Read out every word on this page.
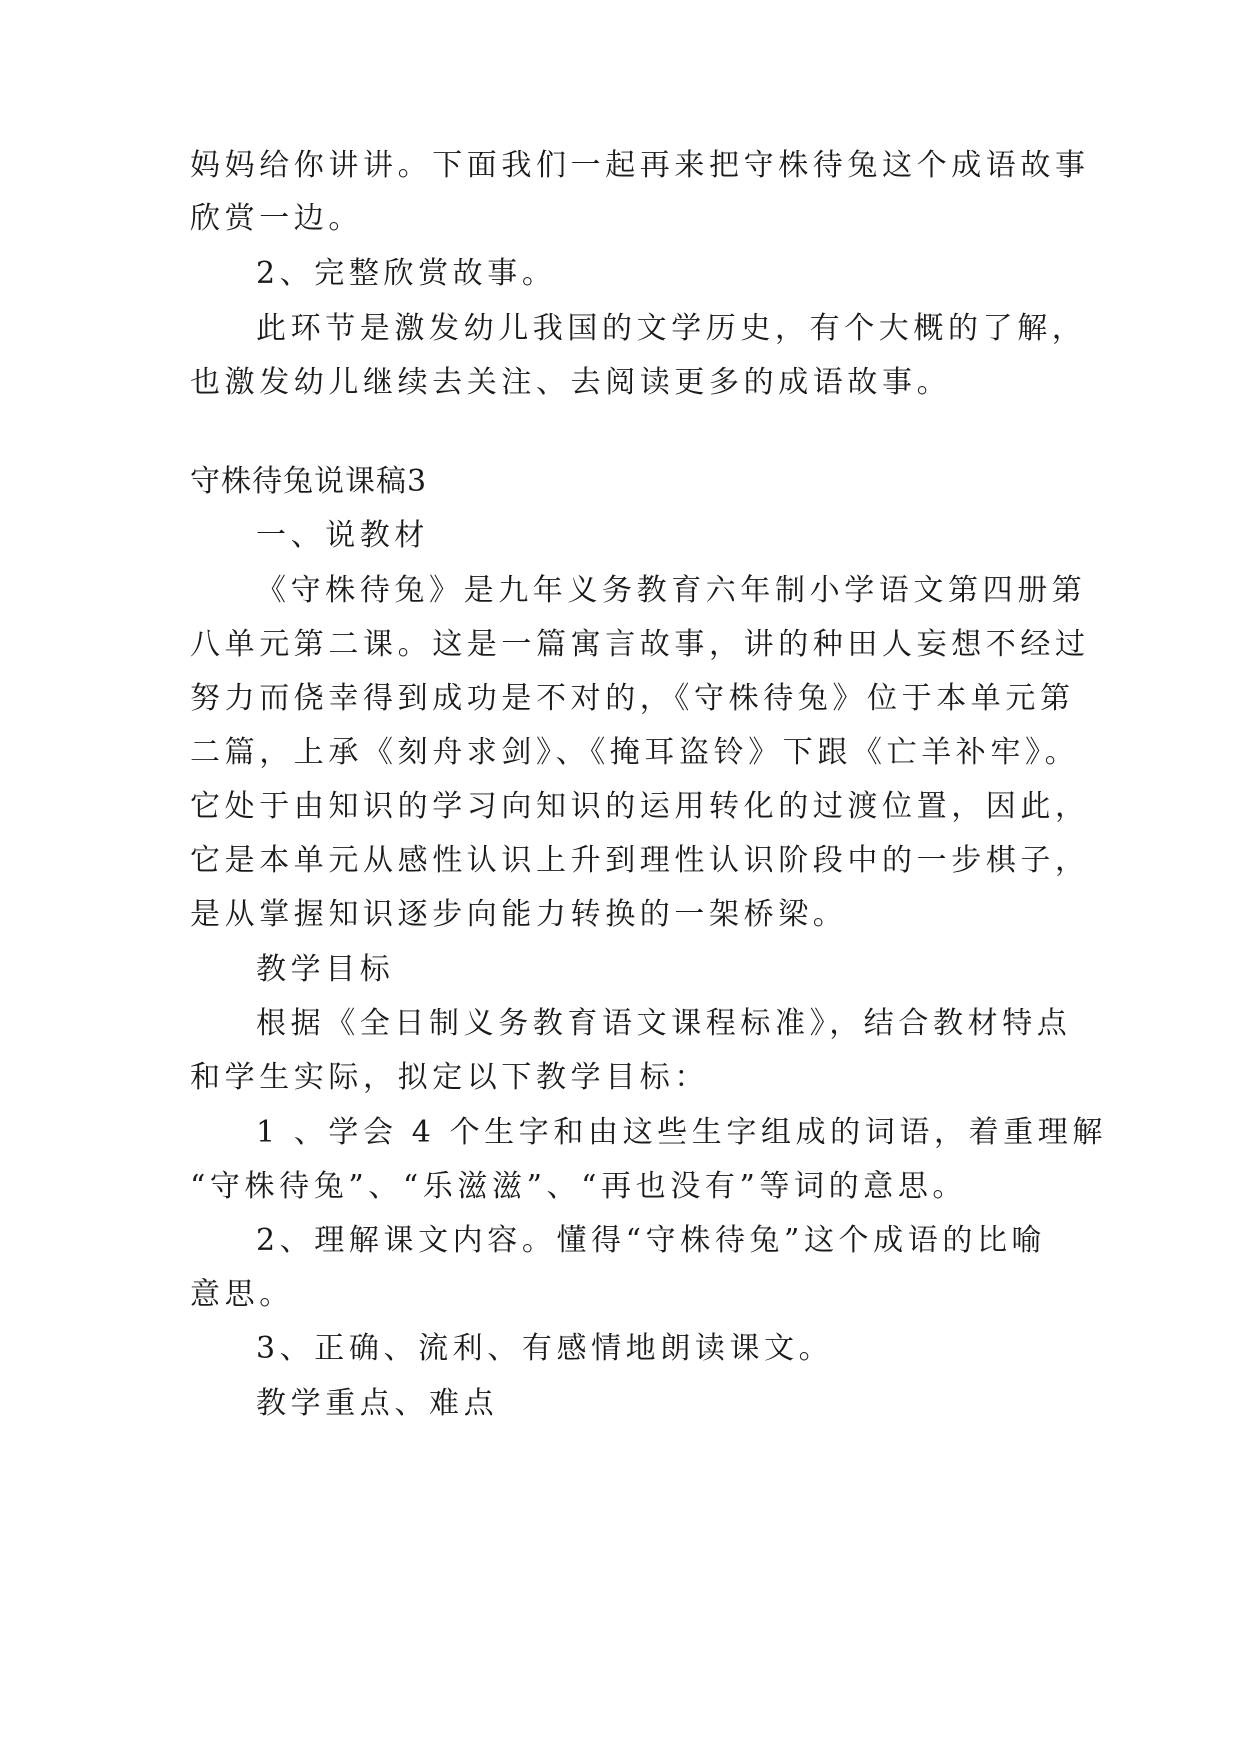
妈妈给你讲讲。下面我们一起再来把守株待兔这个成语故事
欣赏一边。
2、完整欣赏故事。
此环节是激发幼儿我国的文学历史，有个大概的了解，
也激发幼儿继续去关注、去阅读更多的成语故事。
守株待兔说课稿3
一、说教材
《守株待兔》是九年义务教育六年制小学语文第四册第
八单元第二课。这是一篇寓言故事，讲的种田人妄想不经过
努力而侥幸得到成功是不对的，《守株待兔》位于本单元第
二篇，上承《刻舟求剑》、《掩耳盗铃》下跟《亡羊补牢》。
它处于由知识的学习向知识的运用转化的过渡位置，因此，
它是本单元从感性认识上升到理性认识阶段中的一步棋子，
是从掌握知识逐步向能力转换的一架桥梁。
教学目标
根据《全日制义务教育语文课程标准》，结合教材特点
和学生实际，拟定以下教学目标：
1 、学会 4 个生字和由这些生字组成的词语，着重理解
“守株待兔”、“乐滋滋”、“再也没有”等词的意思。
2、理解课文内容。懂得“守株待兔”这个成语的比喻
意思。
3、正确、流利、有感情地朗读课文。
教学重点、难点
